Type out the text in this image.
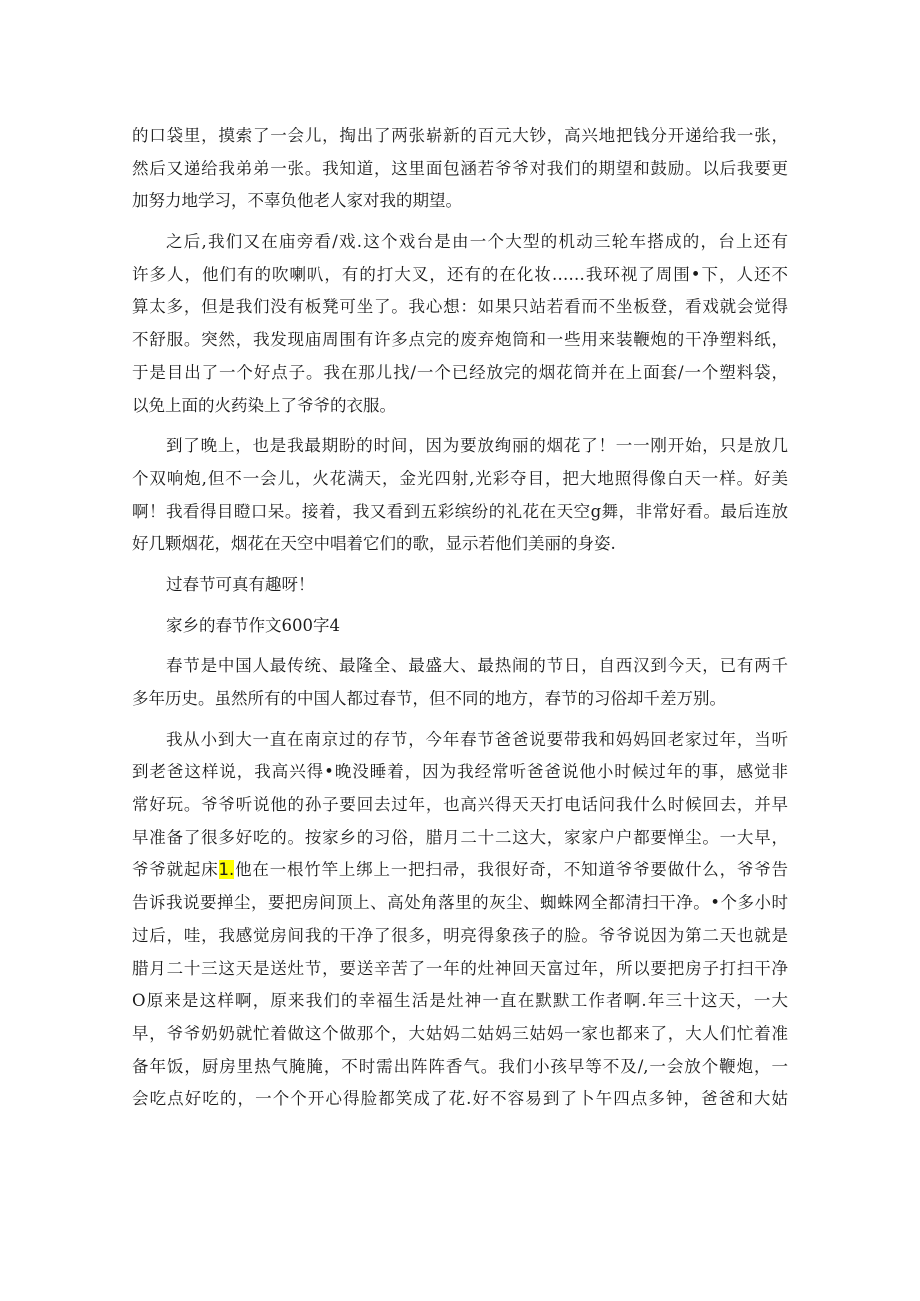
的口袋里，摸索了一会儿，掏出了两张崭新的百元大钞，高兴地把钱分开递给我一张，
然后又递给我弟弟一张。我知道，这里面包涵若爷爷对我们的期望和鼓励。以后我要更
加努力地学习，不辜负他老人家对我的期望。
之后,我们又在庙旁看/戏.这个戏台是由一个大型的机动三轮车搭成的，台上还有
许多人，他们有的吹喇叭，有的打大叉，还有的在化妆……我环视了周围•下，人还不
算太多，但是我们没有板凳可坐了。我心想：如果只站若看而不坐板登，看戏就会觉得
不舒服。突然，我发现庙周围有许多点完的废弃炮筒和一些用来装鞭炮的干净塑料纸，
于是目出了一个好点子。我在那儿找/一个已经放完的烟花筒并在上面套/一个塑料袋，
以免上面的火药染上了爷爷的衣服。
到了晚上，也是我最期盼的时间，因为要放绚丽的烟花了！一一刚开始，只是放几
个双响炮,但不一会儿，火花满天，金光四射,光彩夺目，把大地照得像白天一样。好美
啊！我看得目瞪口呆。接着，我又看到五彩缤纷的礼花在天空g舞，非常好看。最后连放
好几颗烟花，烟花在天空中唱着它们的歌，显示若他们美丽的身姿.
过春节可真有趣呀！
家乡的春节作文600字4
春节是中国人最传统、最隆全、最盛大、最热闹的节日，自西汉到今天，已有两千
多年历史。虽然所有的中国人都过春节，但不同的地方，春节的习俗却千差万别。
我从小到大一直在南京过的存节，今年春节爸爸说要带我和妈妈回老家过年，当听
到老爸这样说，我高兴得•晚没睡着，因为我经常听爸爸说他小时候过年的事，感觉非
常好玩。爷爷听说他的孙子要回去过年，也高兴得天天打电话问我什么时候回去，并早
早准备了很多好吃的。按家乡的习俗，腊月二十二这大，家家户户都要惮尘。一大早，
爷爷就起床1.他在一根竹竿上绑上一把扫帚，我很好奇，不知道爷爷要做什么，爷爷告
告诉我说要掸尘，要把房间顶上、高处角落里的灰尘、蜘蛛网全都清扫干净。•个多小时
过后，哇，我感觉房间我的干净了很多，明亮得象孩子的脸。爷爷说因为第二天也就是
腊月二十三这天是送灶节，要送辛苦了一年的灶神回天富过年，所以要把房子打扫干净
O原来是这样啊，原来我们的幸福生活是灶神一直在默默工作者啊.年三十这天，一大
早，爷爷奶奶就忙着做这个做那个，大姑妈二姑妈三姑妈一家也都来了，大人们忙着准
备年饭，厨房里热气腌腌，不时需出阵阵香气。我们小孩早等不及/,一会放个鞭炮，一
会吃点好吃的，一个个开心得脸都笑成了花.好不容易到了卜午四点多钟，爸爸和大姑
